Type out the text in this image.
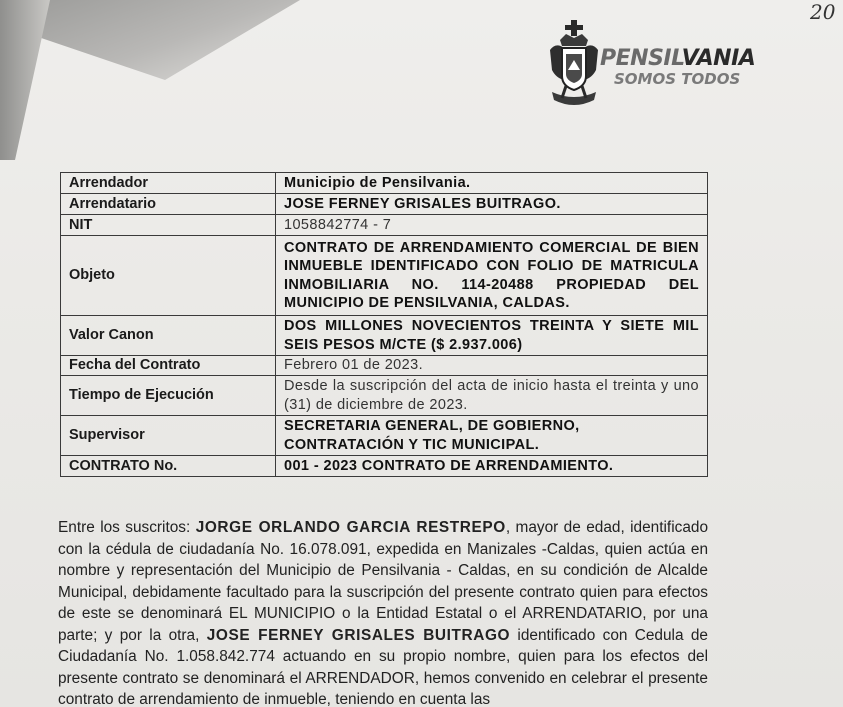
20
PENSILVANIA
SOMOS TODOS
Arrendador	Municipio de Pensilvania.
Arrendatario	JOSE FERNEY GRISALES BUITRAGO.
NIT	1058842774 - 7
Objeto	CONTRATO DE ARRENDAMIENTO COMERCIAL DE BIEN INMUEBLE IDENTIFICADO CON FOLIO DE MATRICULA INMOBILIARIA NO. 114-20488 PROPIEDAD DEL MUNICIPIO DE PENSILVANIA, CALDAS.
Valor Canon	DOS MILLONES NOVECIENTOS TREINTA Y SIETE MIL SEIS PESOS M/CTE ($ 2.937.006)
Fecha del Contrato	Febrero 01 de 2023.
Tiempo de Ejecución	Desde la suscripción del acta de inicio hasta el treinta y uno (31) de diciembre de 2023.
Supervisor	SECRETARIA GENERAL, DE GOBIERNO, CONTRATACIÓN Y TIC MUNICIPAL.
CONTRATO No.	001 - 2023 CONTRATO DE ARRENDAMIENTO.
Entre los suscritos: JORGE ORLANDO GARCIA RESTREPO, mayor de edad, identificado con la cédula de ciudadanía No. 16.078.091, expedida en Manizales -Caldas, quien actúa en nombre y representación del Municipio de Pensilvania - Caldas, en su condición de Alcalde Municipal, debidamente facultado para la suscripción del presente contrato quien para efectos de este se denominará EL MUNICIPIO o la Entidad Estatal o el ARRENDATARIO, por una parte; y por la otra, JOSE FERNEY GRISALES BUITRAGO identificado con Cedula de Ciudadanía No. 1.058.842.774 actuando en su propio nombre, quien para los efectos del presente contrato se denominará el ARRENDADOR, hemos convenido en celebrar el presente contrato de arrendamiento de inmueble, teniendo en cuenta las
